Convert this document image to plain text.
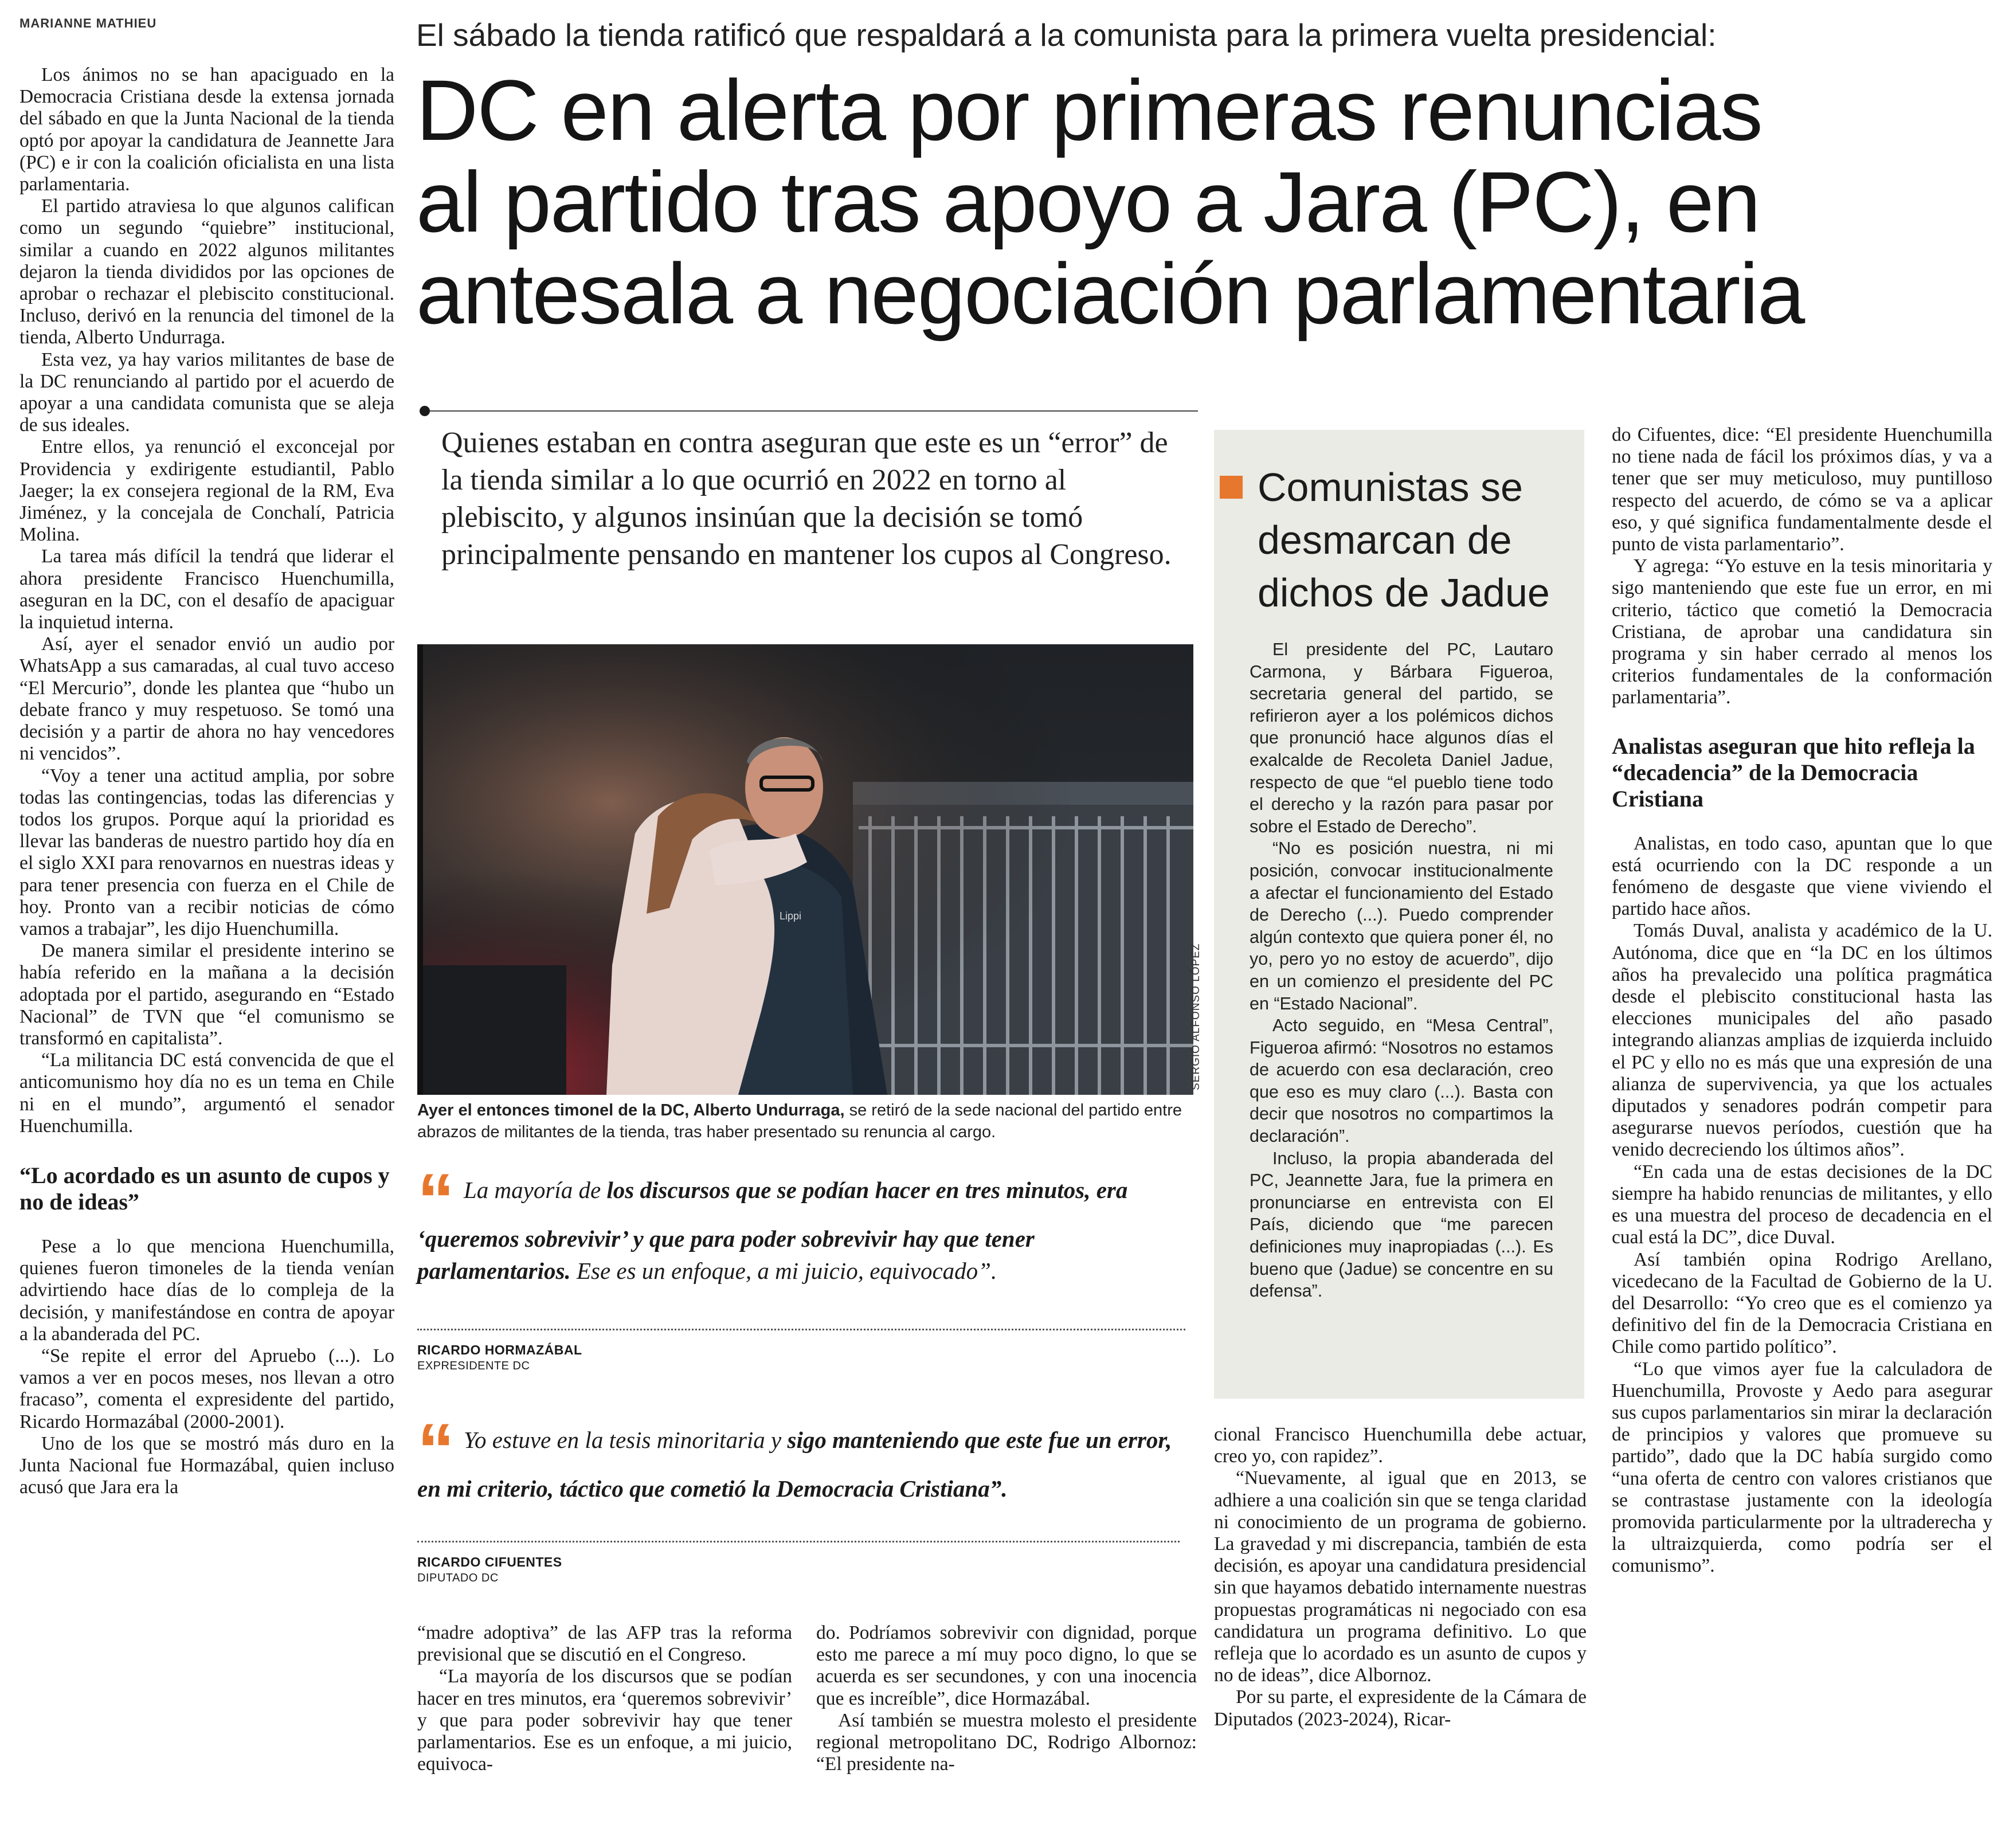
MARIANNE MATHIEU

Los ánimos no se han apaciguado en la Democracia Cristiana desde la extensa jornada del sábado en que la Junta Nacional de la tienda optó por apoyar la candidatura de Jeannette Jara (PC) e ir con la coalición oficialista en una lista parlamentaria.

El partido atraviesa lo que algunos califican como un segundo “quiebre” institucional, similar a cuando en 2022 algunos militantes dejaron la tienda divididos por las opciones de aprobar o rechazar el plebiscito constitucional. Incluso, derivó en la renuncia del timonel de la tienda, Alberto Undurraga.

Esta vez, ya hay varios militantes de base de la DC renunciando al partido por el acuerdo de apoyar a una candidata comunista que se aleja de sus ideales.

Entre ellos, ya renunció el exconcejal por Providencia y exdirigente estudiantil, Pablo Jaeger; la ex consejera regional de la RM, Eva Jiménez, y la concejala de Conchalí, Patricia Molina.

La tarea más difícil la tendrá que liderar el ahora presidente Francisco Huenchumilla, aseguran en la DC, con el desafío de apaciguar la inquietud interna.

Así, ayer el senador envió un audio por WhatsApp a sus camaradas, al cual tuvo acceso “El Mercurio”, donde les plantea que “hubo un debate franco y muy respetuoso. Se tomó una decisión y a partir de ahora no hay vencedores ni vencidos”.

“Voy a tener una actitud amplia, por sobre todas las contingencias, todas las diferencias y todos los grupos. Porque aquí la prioridad es llevar las banderas de nuestro partido hoy día en el siglo XXI para renovarnos en nuestras ideas y para tener presencia con fuerza en el Chile de hoy. Pronto van a recibir noticias de cómo vamos a trabajar”, les dijo Huenchumilla.

De manera similar el presidente interino se había referido en la mañana a la decisión adoptada por el partido, asegurando en “Estado Nacional” de TVN que “el comunismo se transformó en capitalista”.

“La militancia DC está convencida de que el anticomunismo hoy día no es un tema en Chile ni en el mundo”, argumentó el senador Huenchumilla.

“Lo acordado es un asunto de cupos y no de ideas”

Pese a lo que menciona Huenchumilla, quienes fueron timoneles de la tienda venían advirtiendo hace días de lo compleja de la decisión, y manifestándose en contra de apoyar a la abanderada del PC.

“Se repite el error del Apruebo (...). Lo vamos a ver en pocos meses, nos llevan a otro fracaso”, comenta el expresidente del partido, Ricardo Hormazábal (2000-2001).

Uno de los que se mostró más duro en la Junta Nacional fue Hormazábal, quien incluso acusó que Jara era la

El sábado la tienda ratificó que respaldará a la comunista para la primera vuelta presidencial:
DC en alerta por primeras renuncias
al partido tras apoyo a Jara (PC), en
antesala a negociación parlamentaria
Quienes estaban en contra aseguran que este es un “error” de la tienda similar a lo que ocurrió en 2022 en torno al plebiscito, y algunos insinúan que la decisión se tomó principalmente pensando en mantener los cupos al Congreso.
Lippi
SERGIO ALFONSO LÓPEZ
Ayer el entonces timonel de la DC, Alberto Undurraga, se retiró de la sede nacional del partido entre abrazos de militantes de la tienda, tras haber presentado su renuncia al cargo.
“ La mayoría de los discursos que se podían hacer en tres minutos, era ‘queremos sobrevivir’ y que para poder sobrevivir hay que tener parlamentarios. Ese es un enfoque, a mi juicio, equivocado”.
RICARDO HORMAZÁBAL
EXPRESIDENTE DC
“ Yo estuve en la tesis minoritaria y sigo manteniendo que este fue un error, en mi criterio, táctico que cometió la Democracia Cristiana”.
RICARDO CIFUENTES
DIPUTADO DC

“madre adoptiva” de las AFP tras la reforma previsional que se discutió en el Congreso.

“La mayoría de los discursos que se podían hacer en tres minutos, era ‘queremos sobrevivir’ y que para poder sobrevivir hay que tener parlamentarios. Ese es un enfoque, a mi juicio, equivoca-

do. Podríamos sobrevivir con dignidad, porque esto me parece a mí muy poco digno, lo que se acuerda es ser secundones, y con una inocencia que es increíble”, dice Hormazábal.

Así también se muestra molesto el presidente regional metropolitano DC, Rodrigo Albornoz: “El presidente na-

Comunistas se desmarcan de dichos de Jadue

El presidente del PC, Lautaro Carmona, y Bárbara Figueroa, secretaria general del partido, se refirieron ayer a los polémicos dichos que pronunció hace algunos días el exalcalde de Recoleta Daniel Jadue, respecto de que “el pueblo tiene todo el derecho y la razón para pasar por sobre el Estado de Derecho”.

“No es posición nuestra, ni mi posición, convocar institucionalmente a afectar el funcionamiento del Estado de Derecho (...). Puedo comprender algún contexto que quiera poner él, no yo, pero yo no estoy de acuerdo”, dijo en un comienzo el presidente del PC en “Estado Nacional”.

Acto seguido, en “Mesa Central”, Figueroa afirmó: “Nosotros no estamos de acuerdo con esa declaración, creo que eso es muy claro (...). Basta con decir que nosotros no compartimos la declaración”.

Incluso, la propia abanderada del PC, Jeannette Jara, fue la primera en pronunciarse en entrevista con El País, diciendo que “me parecen definiciones muy inapropiadas (...). Es bueno que (Jadue) se concentre en su defensa”.

cional Francisco Huenchumilla debe actuar, creo yo, con rapidez”.

“Nuevamente, al igual que en 2013, se adhiere a una coalición sin que se tenga claridad ni conocimiento de un programa de gobierno. La gravedad y mi discrepancia, también de esta decisión, es apoyar una candidatura presidencial sin que hayamos debatido internamente nuestras propuestas programáticas ni negociado con esa candidatura un programa definitivo. Lo que refleja que lo acordado es un asunto de cupos y no de ideas”, dice Albornoz.

Por su parte, el expresidente de la Cámara de Diputados (2023-2024), Ricar-

do Cifuentes, dice: “El presidente Huenchumilla no tiene nada de fácil los próximos días, y va a tener que ser muy meticuloso, muy puntilloso respecto del acuerdo, de cómo se va a aplicar eso, y qué significa fundamentalmente desde el punto de vista parlamentario”.

Y agrega: “Yo estuve en la tesis minoritaria y sigo manteniendo que este fue un error, en mi criterio, táctico que cometió la Democracia Cristiana, de aprobar una candidatura sin programa y sin haber cerrado al menos los criterios fundamentales de la conformación parlamentaria”.

Analistas aseguran que hito refleja la “decadencia” de la Democracia Cristiana

Analistas, en todo caso, apuntan que lo que está ocurriendo con la DC responde a un fenómeno de desgaste que viene viviendo el partido hace años.

Tomás Duval, analista y académico de la U. Autónoma, dice que en “la DC en los últimos años ha prevalecido una política pragmática desde el plebiscito constitucional hasta las elecciones municipales del año pasado integrando alianzas amplias de izquierda incluido el PC y ello no es más que una expresión de una alianza de supervivencia, ya que los actuales diputados y senadores podrán competir para asegurarse nuevos períodos, cuestión que ha venido decreciendo los últimos años”.

“En cada una de estas decisiones de la DC siempre ha habido renuncias de militantes, y ello es una muestra del proceso de decadencia en el cual está la DC”, dice Duval.

Así también opina Rodrigo Arellano, vicedecano de la Facultad de Gobierno de la U. del Desarrollo: “Yo creo que es el comienzo ya definitivo del fin de la Democracia Cristiana en Chile como partido político”.

“Lo que vimos ayer fue la calculadora de Huenchumilla, Provoste y Aedo para asegurar sus cupos parlamentarios sin mirar la declaración de principios y valores que promueve su partido”, dado que la DC había surgido como “una oferta de centro con valores cristianos que se contrastase justamente con la ideología promovida particularmente por la ultraderecha y la ultraizquierda, como podría ser el comunismo”.
